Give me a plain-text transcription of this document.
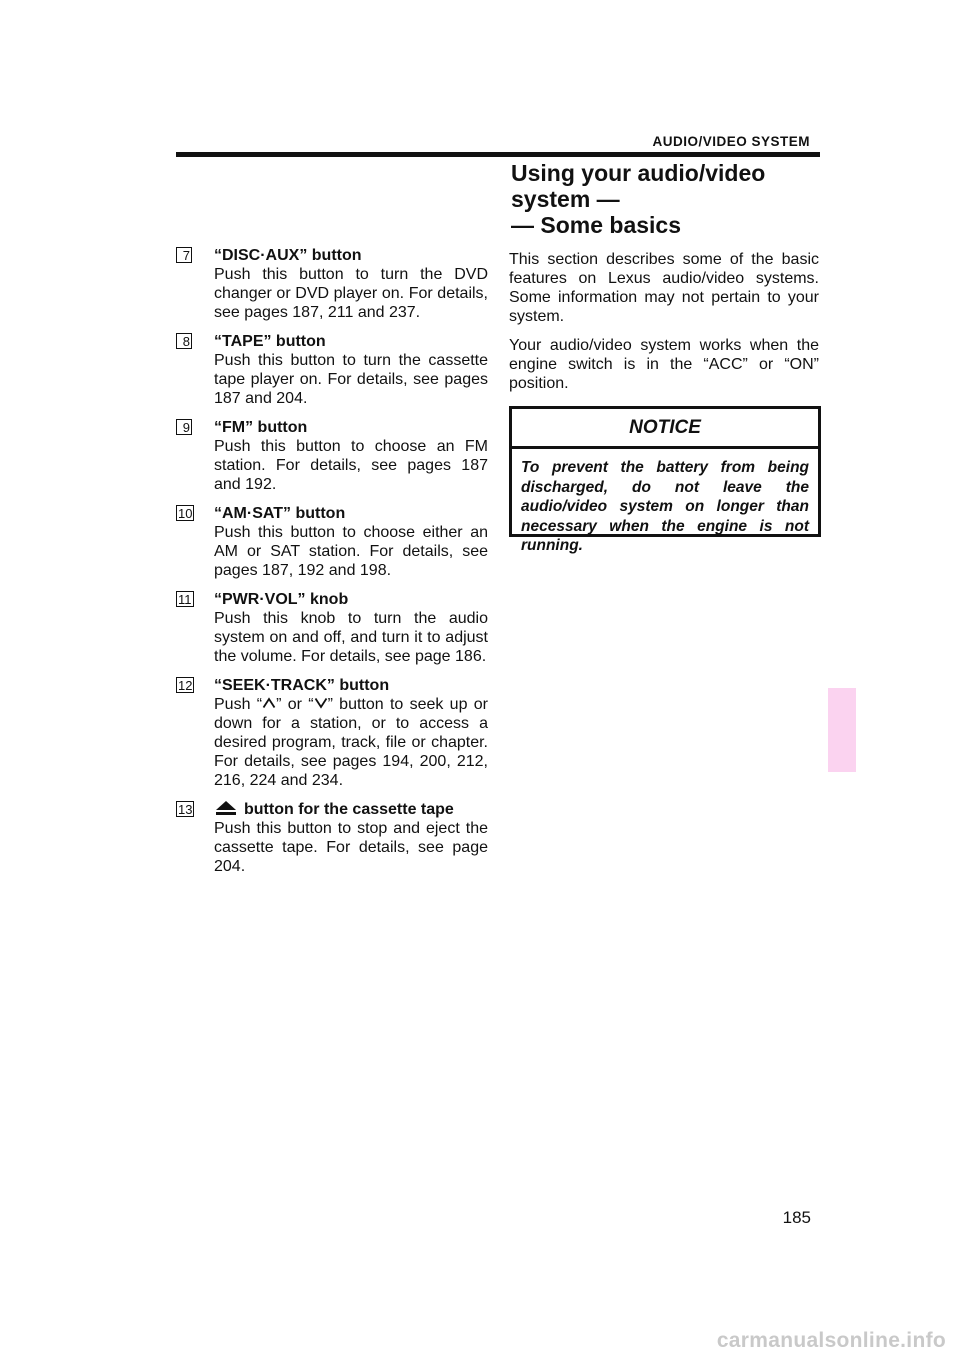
AUDIO/VIDEO SYSTEM
Using your audio/video
system —
— Some basics
7 “DISC·AUX” button
Push this button to turn the DVD changer or DVD player on. For details, see pages 187, 211 and 237.
8 “TAPE” button
Push this button to turn the cassette tape player on. For details, see pages 187 and 204.
9 “FM” button
Push this button to choose an FM station. For details, see pages 187 and 192.
10 “AM·SAT” button
Push this button to choose either an AM or SAT station. For details, see pages 187, 192 and 198.
11 “PWR·VOL” knob
Push this knob to turn the audio system on and off, and turn it to adjust the volume. For details, see page 186.
12 “SEEK·TRACK” button
Push “ ” or “ ” button to seek up or down for a station, or to access a desired program, track, file or chapter. For details, see pages 194, 200, 212, 216, 224 and 234.
13	button for the cassette tape
Push this button to stop and eject the cassette tape. For details, see page 204.

This section describes some of the basic features on Lexus audio/video systems. Some information may not pertain to your system.

Your audio/video system works when the engine switch is in the “ACC” or “ON” position.

NOTICE
To prevent the battery from being discharged, do not leave the audio/video system on longer than necessary when the engine is not running.
185
carmanualsonline.info
